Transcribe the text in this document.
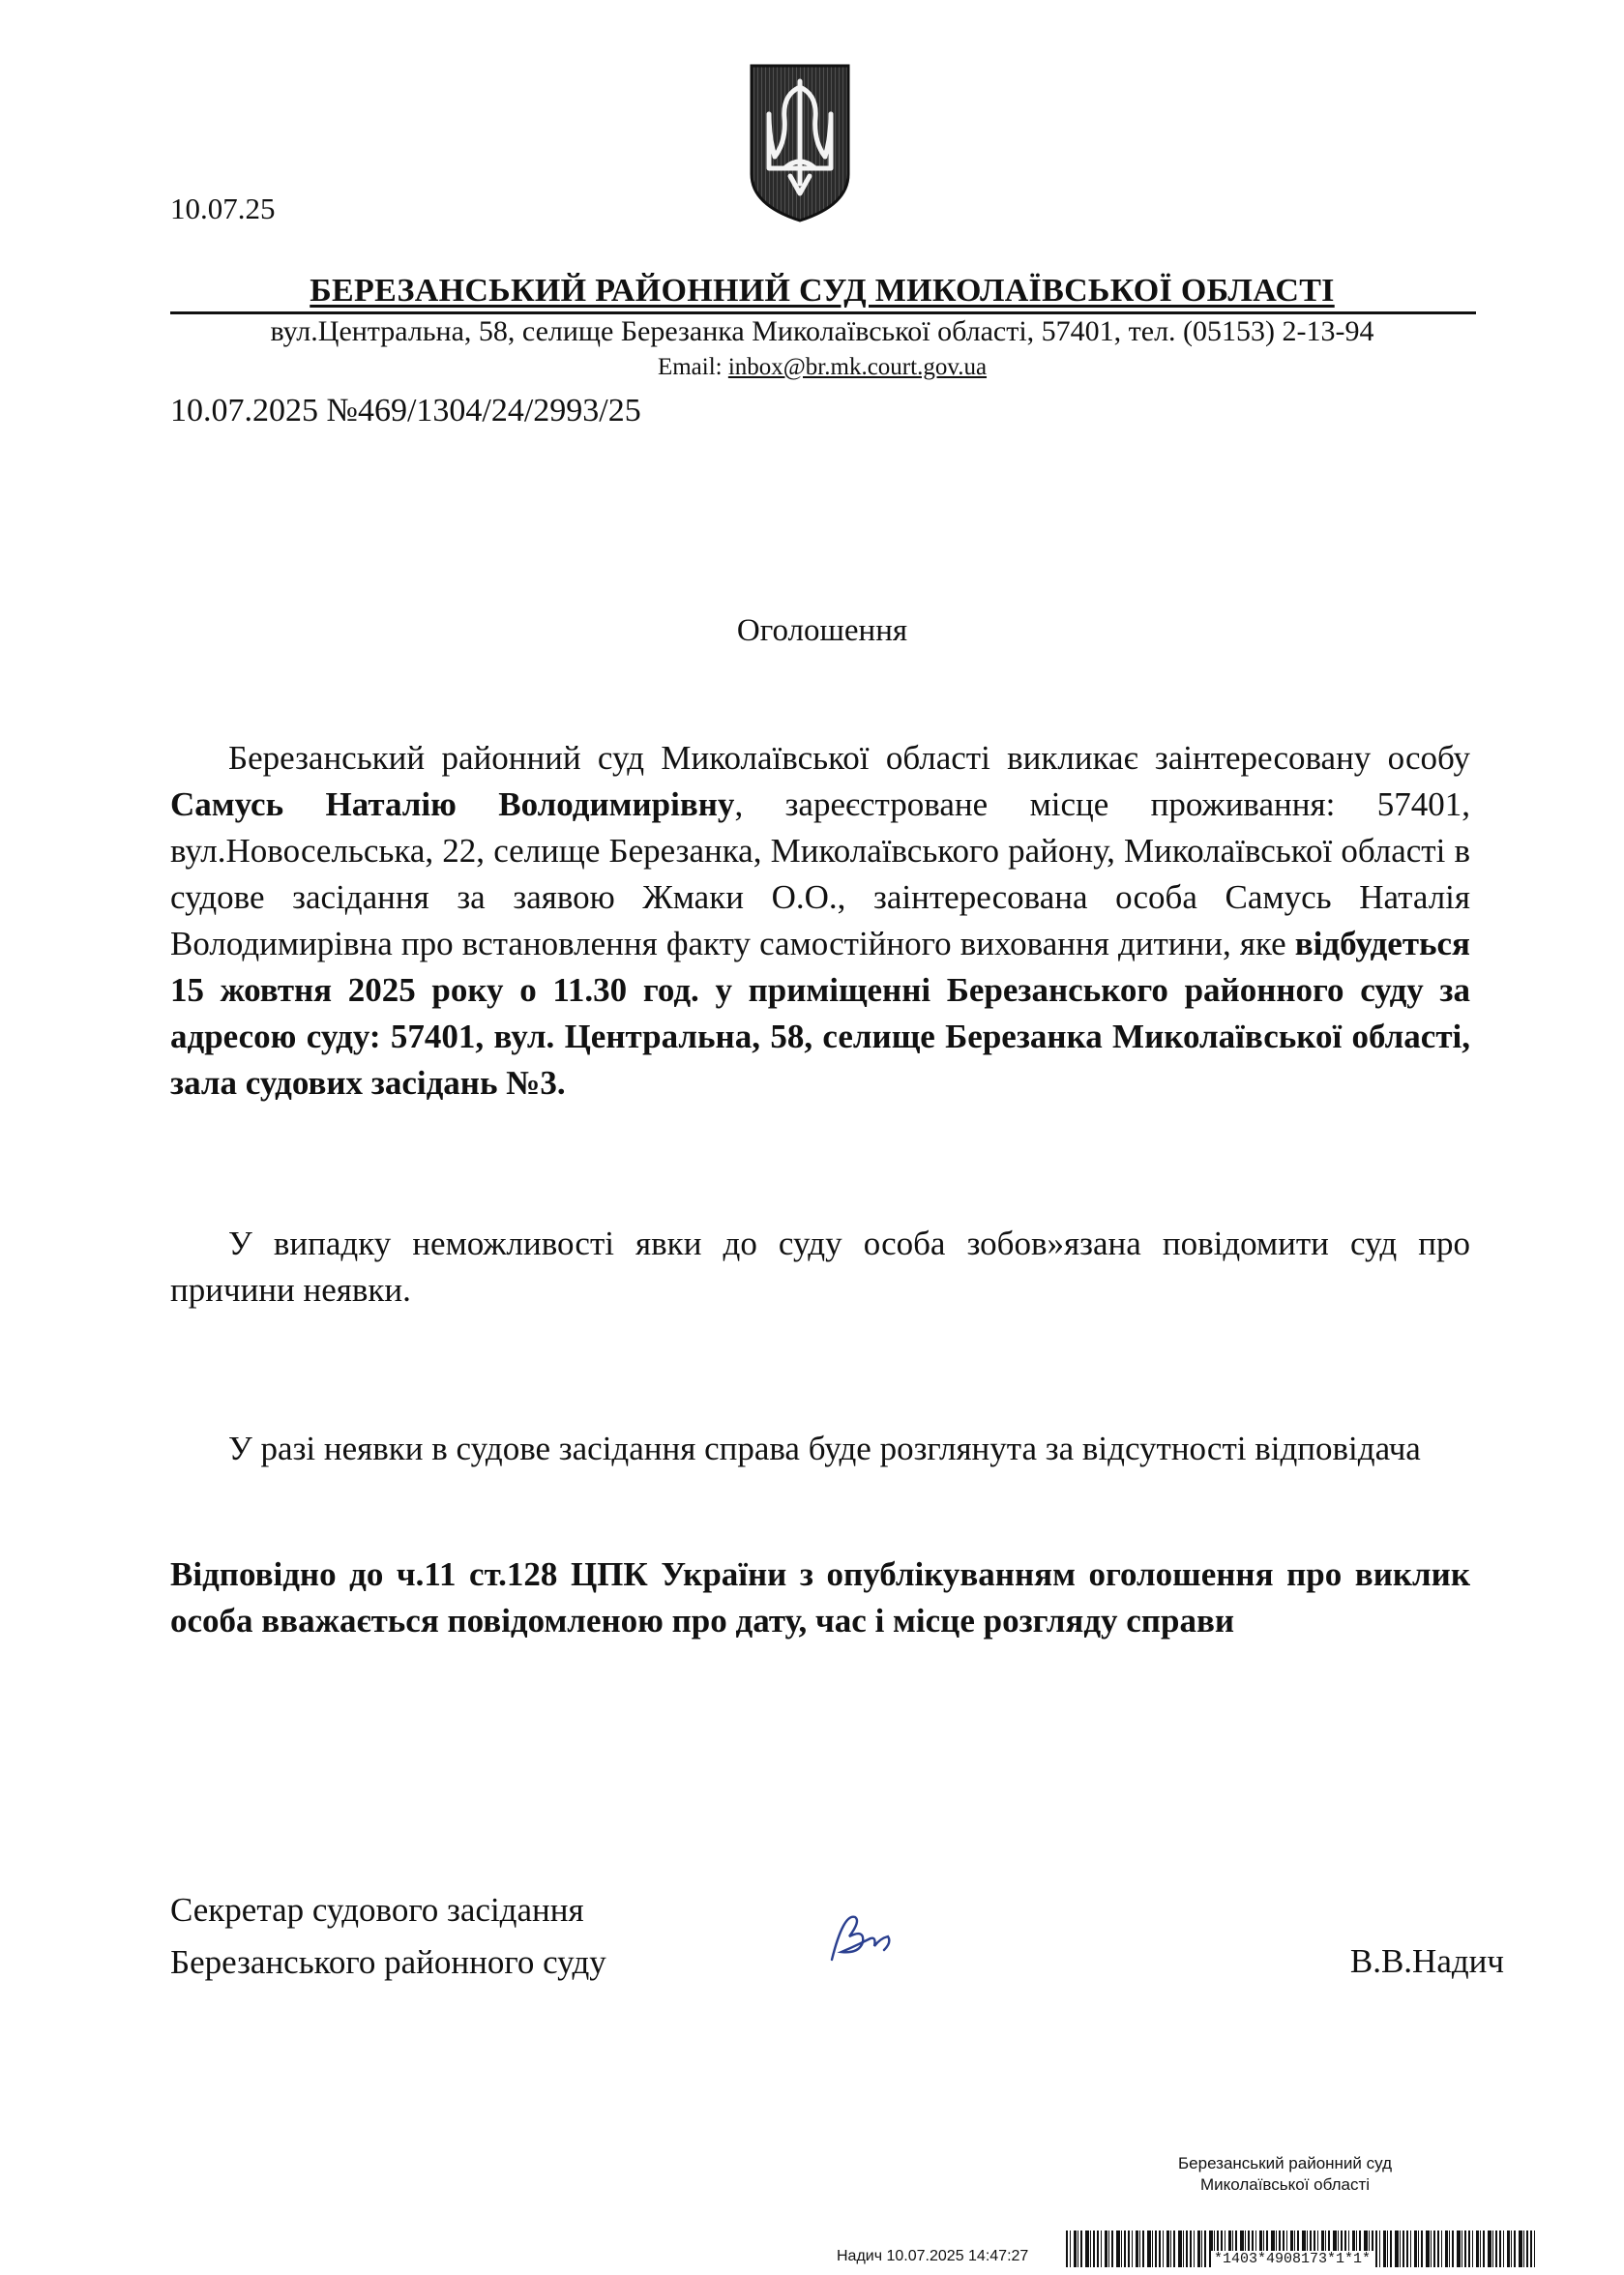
10.07.25
БЕРЕЗАНСЬКИЙ РАЙОННИЙ СУД МИКОЛАЇВСЬКОЇ ОБЛАСТІ
вул.Центральна, 58, селище Березанка Миколаївської області, 57401, тел. (05153) 2-13-94
Email: inbox@br.mk.court.gov.ua
10.07.2025 №469/1304/24/2993/25
Оголошення

Березанський районний суд Миколаївської області викликає заінтересовану особу Самусь Наталію Володимирівну, зареєстроване місце проживання: 57401, вул.Новосельська, 22, селище Березанка, Миколаївського району, Миколаївської області в судове засідання за заявою Жмаки О.О., заінтересована особа Самусь Наталія Володимирівна про встановлення факту самостійного виховання дитини, яке відбудеться 15 жовтня 2025 року о 11.30 год. у приміщенні Березанського районного суду за адресою суду: 57401, вул. Центральна, 58, селище Березанка Миколаївської області, зала судових засідань №3.

У випадку неможливості явки до суду особа зобов»язана повідомити суд про причини неявки.

У разі неявки в судове засідання справа буде розглянута за відсутності відповідача

Відповідно до ч.11 ст.128 ЦПК України з опублікуванням оголошення про виклик особа вважається повідомленою про дату, час і місце розгляду справи

Секретар судового засідання
Березанського районного суду	В.В.Надич
Березанський районний суд
Миколаївської області
Надич 10.07.2025 14:47:27	*1403*4908173*1*1*
